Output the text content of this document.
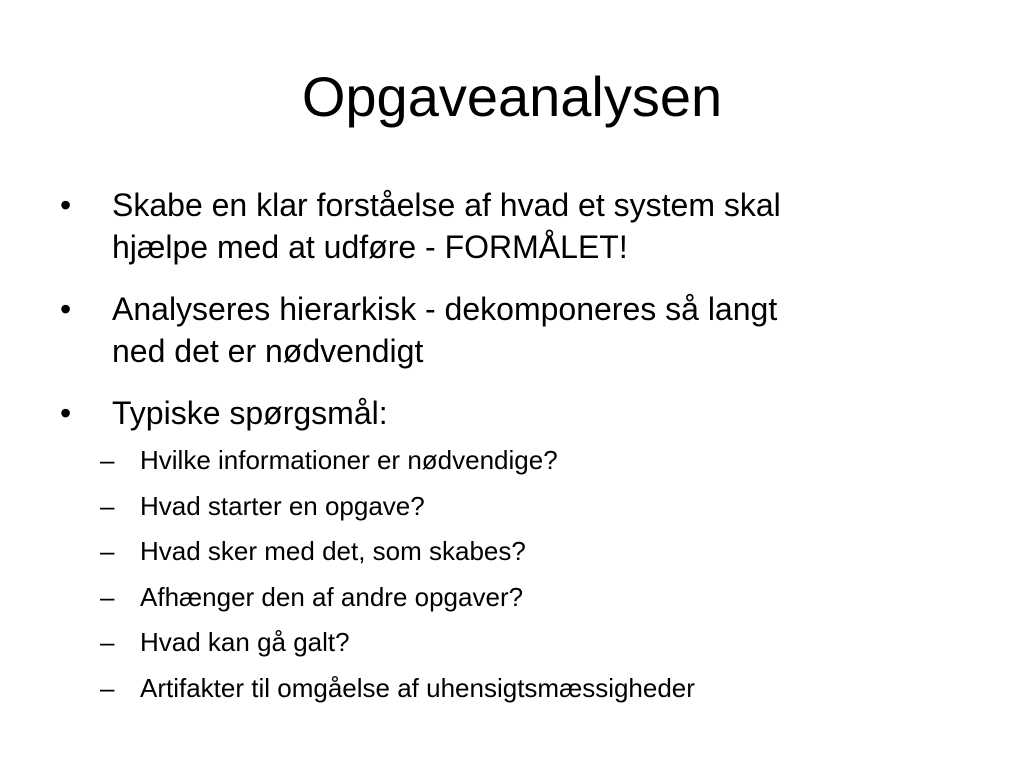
Opgaveanalysen
•	Skabe en klar forståelse af hvad et system skal
hjælpe med at udføre - FORMÅLET!
•	Analyseres hierarkisk - dekomponeres så langt
ned det er nødvendigt
•	Typiske spørgsmål:
– Hvilke informationer er nødvendige?
– Hvad starter en opgave?
– Hvad sker med det, som skabes?
– Afhænger den af andre opgaver?
– Hvad kan gå galt?
– Artifakter til omgåelse af uhensigtsmæssigheder
